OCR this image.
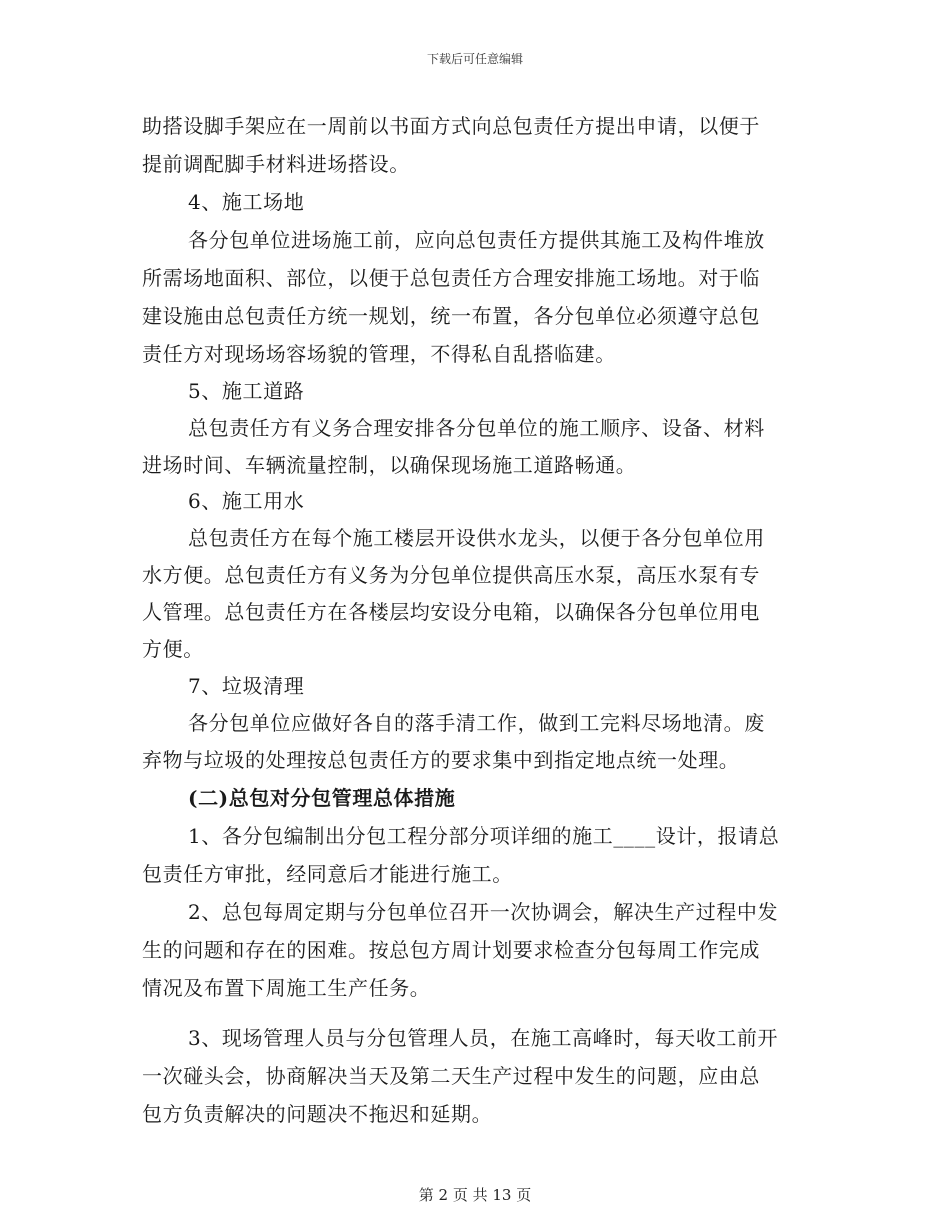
下载后可任意编辑
助搭设脚手架应在一周前以书面方式向总包责任方提出申请，以便于
提前调配脚手材料进场搭设。
4、施工场地
各分包单位进场施工前，应向总包责任方提供其施工及构件堆放
所需场地面积、部位，以便于总包责任方合理安排施工场地。对于临
建设施由总包责任方统一规划，统一布置，各分包单位必须遵守总包
责任方对现场场容场貌的管理，不得私自乱搭临建。
5、施工道路
总包责任方有义务合理安排各分包单位的施工顺序、设备、材料
进场时间、车辆流量控制，以确保现场施工道路畅通。
6、施工用水
总包责任方在每个施工楼层开设供水龙头，以便于各分包单位用
水方便。总包责任方有义务为分包单位提供高压水泵，高压水泵有专
人管理。总包责任方在各楼层均安设分电箱，以确保各分包单位用电
方便。
7、垃圾清理
各分包单位应做好各自的落手清工作，做到工完料尽场地清。废
弃物与垃圾的处理按总包责任方的要求集中到指定地点统一处理。
(二)总包对分包管理总体措施
1、各分包编制出分包工程分部分项详细的施工____设计，报请总
包责任方审批，经同意后才能进行施工。
2、总包每周定期与分包单位召开一次协调会，解决生产过程中发
生的问题和存在的困难。按总包方周计划要求检查分包每周工作完成
情况及布置下周施工生产任务。
3、现场管理人员与分包管理人员，在施工高峰时，每天收工前开
一次碰头会，协商解决当天及第二天生产过程中发生的问题，应由总
包方负责解决的问题决不拖迟和延期。
第 2 页 共 13 页
